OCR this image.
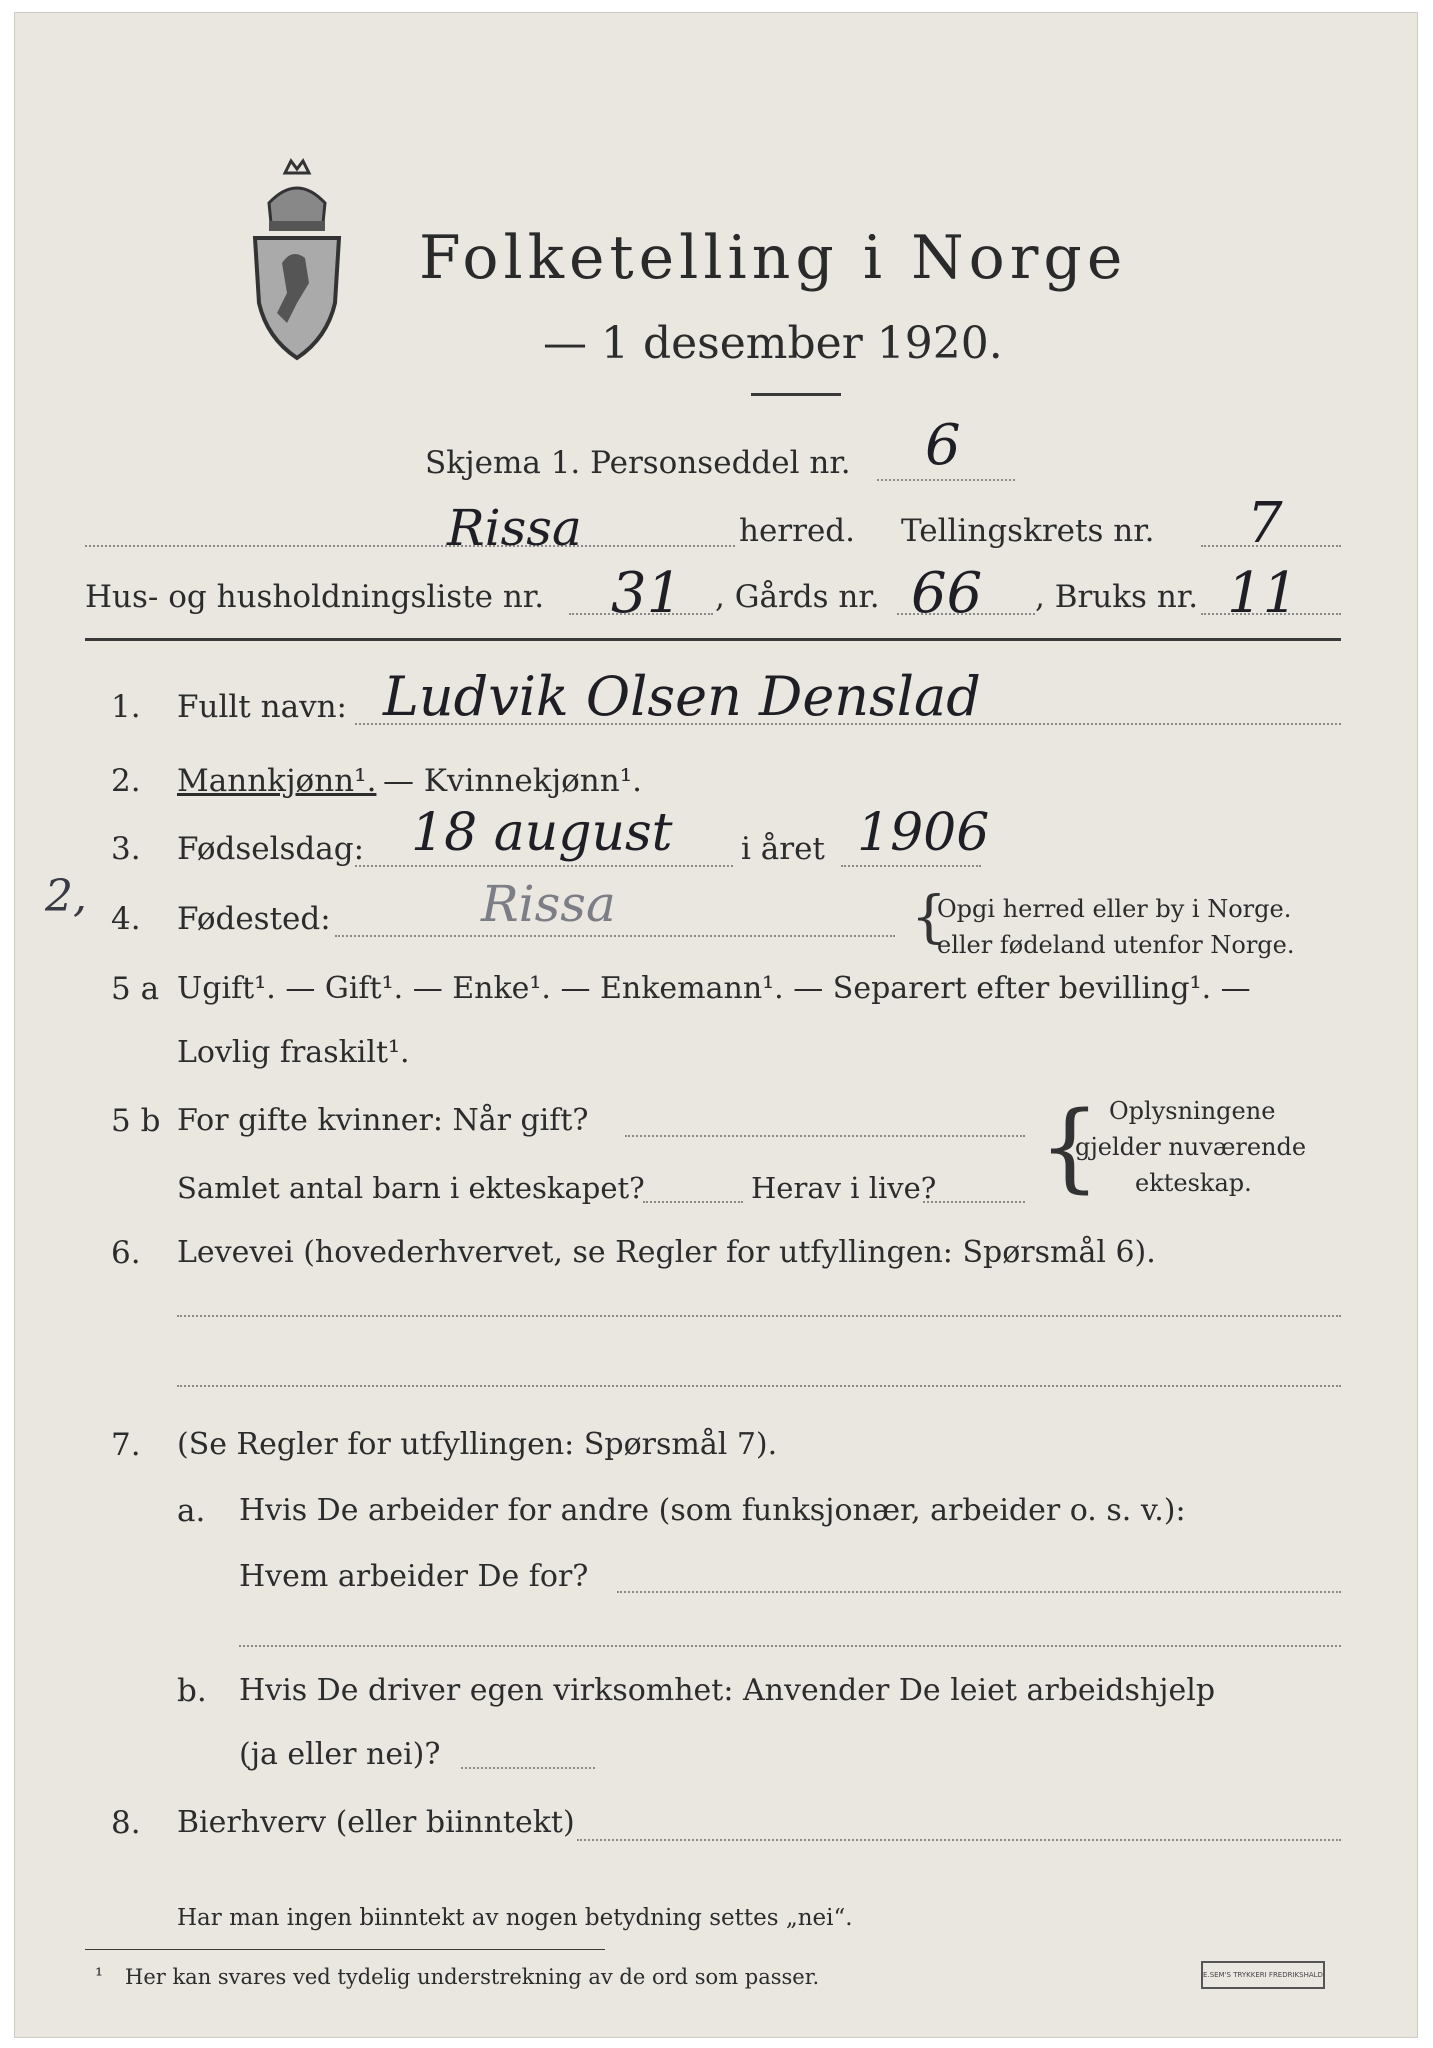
Folketelling i Norge
— 1 desember 1920.
Skjema 1. Personseddel nr. 6
Rissa	herred. Tellingskrets nr. 7
Hus- og husholdningsliste nr. 31 , Gårds nr. 66 , Bruks nr. 11
1. Fullt navn: Ludvik Olsen Denslad
2. Mannkjønn¹. — Kvinnekjønn¹.
3. Fødselsdag: 18 august i året 1906
2, 4. Fødested:	Rissa	{
Opgi herred eller by i Norge.
eller fødeland utenfor Norge.
5 a Ugift¹. — Gift¹. — Enke¹. — Enkemann¹. — Separert efter bevilling¹. —
Lovlig fraskilt¹.
5 b For gifte kvinner: Når gift?
Samlet antal barn i ekteskapet?	Herav i live? { Oplysningene
gjelder nuværende
ekteskap.
6. Levevei (hovederhvervet, se Regler for utfyllingen: Spørsmål 6).
7. (Se Regler for utfyllingen: Spørsmål 7).
a. Hvis De arbeider for andre (som funksjonær, arbeider o. s. v.):
Hvem arbeider De for?
b. Hvis De driver egen virksomhet: Anvender De leiet arbeidshjelp
(ja eller nei)?
8. Bierhverv (eller biinntekt)
Har man ingen biinntekt av nogen betydning settes „nei“.
¹ Her kan svares ved tydelig understrekning av de ord som passer.	E.SEM'S TRYKKERI FREDRIKSHALD
